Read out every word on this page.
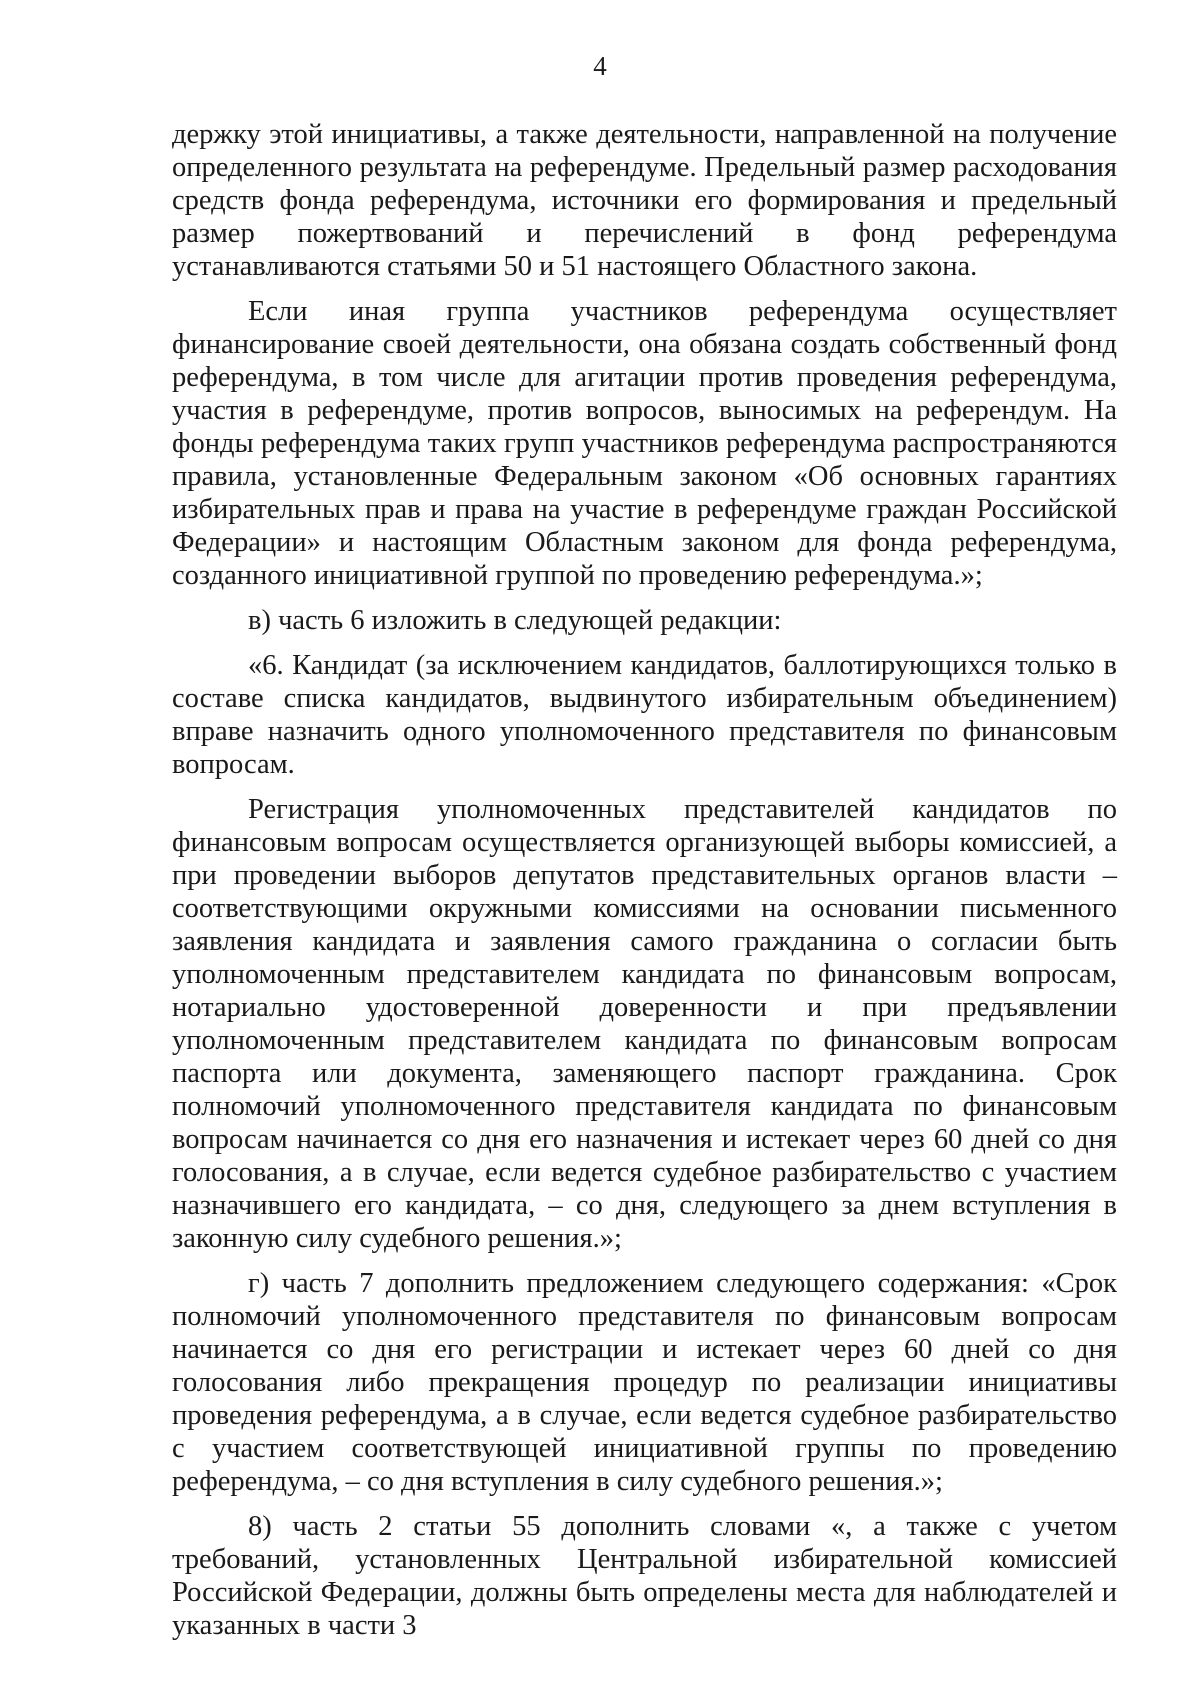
4

держку этой инициативы, а также деятельности, направленной на получение определенного результата на референдуме. Предельный размер расходования средств фонда референдума, источники его формирования и предельный размер пожертвований и перечислений в фонд референдума устанавливаются статьями 50 и 51 настоящего Областного закона.

Если иная группа участников референдума осуществляет финансирование своей деятельности, она обязана создать собственный фонд референдума, в том числе для агитации против проведения референдума, участия в референдуме, против вопросов, выносимых на референдум. На фонды референдума таких групп участников референдума распространяются правила, установленные Федеральным законом «Об основных гарантиях избирательных прав и права на участие в референдуме граждан Российской Федерации» и настоящим Областным законом для фонда референдума, созданного инициативной группой по проведению референдума.»;

в) часть 6 изложить в следующей редакции:

«6. Кандидат (за исключением кандидатов, баллотирующихся только в составе списка кандидатов, выдвинутого избирательным объединением) вправе назначить одного уполномоченного представителя по финансовым вопросам.

Регистрация уполномоченных представителей кандидатов по финансовым вопросам осуществляется организующей выборы комиссией, а при проведении выборов депутатов представительных органов власти – соответствующими окружными комиссиями на основании письменного заявления кандидата и заявления самого гражданина о согласии быть уполномоченным представителем кандидата по финансовым вопросам, нотариально удостоверенной доверенности и при предъявлении уполномоченным представителем кандидата по финансовым вопросам паспорта или документа, заменяющего паспорт гражданина. Срок полномочий уполномоченного представителя кандидата по финансовым вопросам начинается со дня его назначения и истекает через 60 дней со дня голосования, а в случае, если ведется судебное разбирательство с участием назначившего его кандидата, – со дня, следующего за днем вступления в законную силу судебного решения.»;

г) часть 7 дополнить предложением следующего содержания: «Срок полномочий уполномоченного представителя по финансовым вопросам начинается со дня его регистрации и истекает через 60 дней со дня голосования либо прекращения процедур по реализации инициативы проведения референдума, а в случае, если ведется судебное разбирательство с участием соответствующей инициативной группы по проведению референдума, – со дня вступления в силу судебного решения.»;

8) часть 2 статьи 55 дополнить словами «, а также с учетом требований, установленных Центральной избирательной комиссией Российской Федерации, должны быть определены места для наблюдателей и указанных в части 3
